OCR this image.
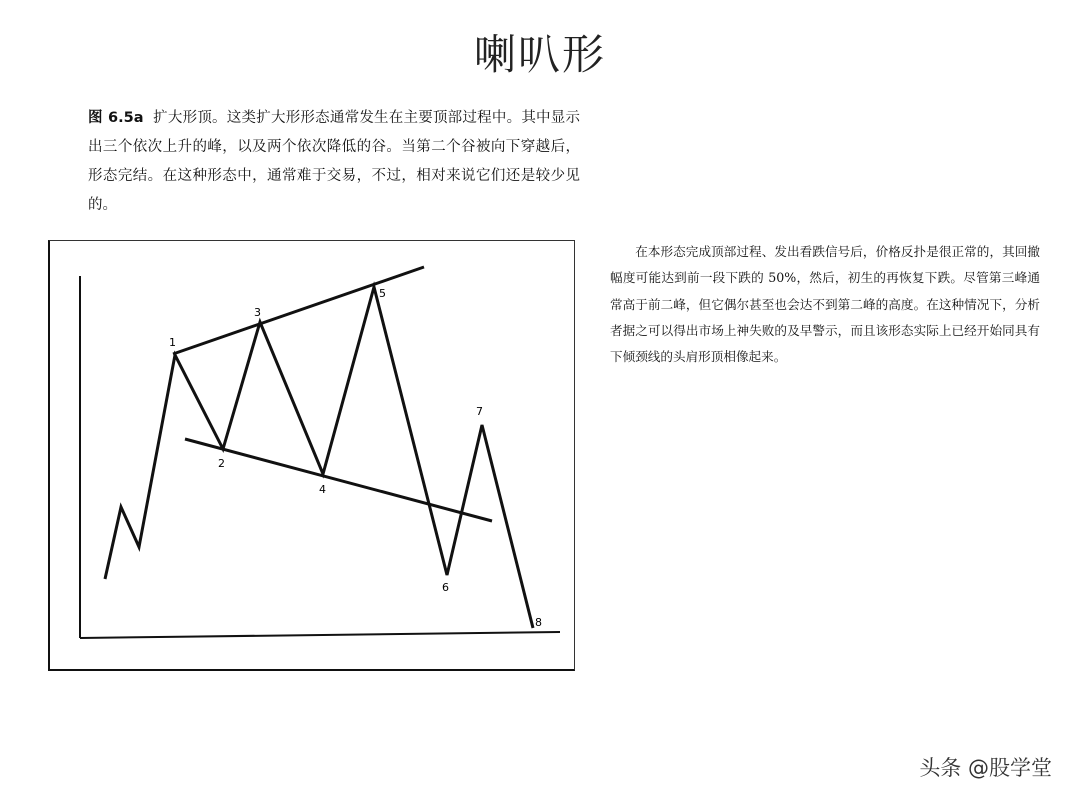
喇叭形
图 6.5a 扩大形顶。这类扩大形形态通常发生在主要顶部过程中。其中显示出三个依次上升的峰，以及两个依次降低的谷。当第二个谷被向下穿越后，形态完结。在这种形态中，通常难于交易，不过，相对来说它们还是较少见的。
在本形态完成顶部过程、发出看跌信号后，价格反扑是很正常的，其回撤幅度可能达到前一段下跌的 50%，然后，初生的再恢复下跌。尽管第三峰通常高于前二峰，但它偶尔甚至也会达不到第二峰的高度。在这种情况下，分析者据之可以得出市场上神失败的及早警示，而且该形态实际上已经开始同具有下倾颈线的头肩形顶相像起来。
1
2
3
4
5
6
7
8
头条 @股学堂
